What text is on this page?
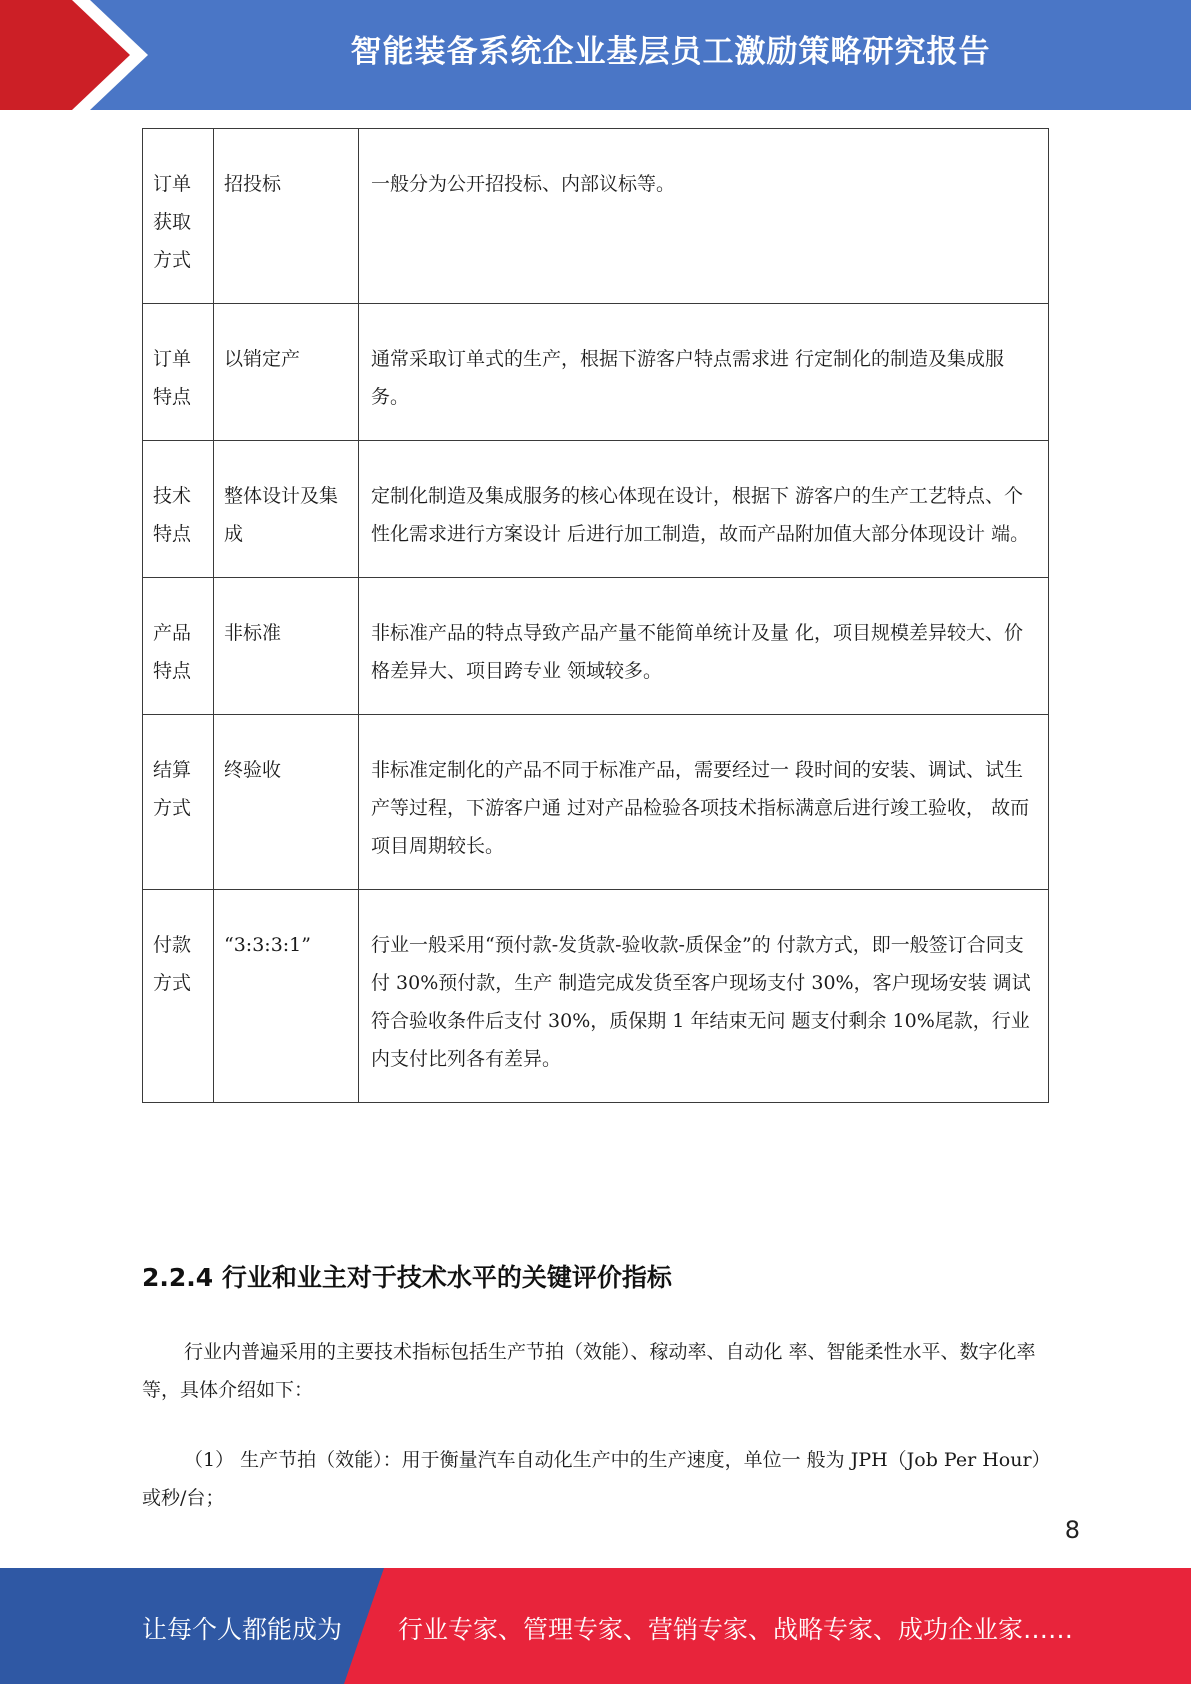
智能装备系统企业基层员工激励策略研究报告
订单获取方式	招投标	一般分为公开招投标、内部议标等。
订单特点	以销定产	通常采取订单式的生产，根据下游客户特点需求进 行定制化的制造及集成服务。
技术特点	整体设计及集成	定制化制造及集成服务的核心体现在设计，根据下 游客户的生产工艺特点、个性化需求进行方案设计 后进行加工制造，故而产品附加值大部分体现设计 端。
产品特点	非标准	非标准产品的特点导致产品产量不能简单统计及量 化，项目规模差异较大、价格差异大、项目跨专业 领域较多。
结算方式	终验收	非标准定制化的产品不同于标准产品，需要经过一 段时间的安装、调试、试生产等过程，下游客户通 过对产品检验各项技术指标满意后进行竣工验收， 故而项目周期较长。
付款方式	“3:3:3:1”	行业一般采用“预付款-发货款-验收款-质保金”的 付款方式，即一般签订合同支付 30%预付款，生产 制造完成发货至客户现场支付 30%，客户现场安装 调试符合验收条件后支付 30%，质保期 1 年结束无问 题支付剩余 10%尾款，行业内支付比列各有差异。
2.2.4 行业和业主对于技术水平的关键评价指标
行业内普遍采用的主要技术指标包括生产节拍（效能）、稼动率、自动化 率、智能柔性水平、数字化率等，具体介绍如下：
（1） 生产节拍（效能）：用于衡量汽车自动化生产中的生产速度，单位一 般为 JPH（Job Per Hour）或秒/台；
8
让每个人都能成为 行业专家、管理专家、营销专家、战略专家、成功企业家……
